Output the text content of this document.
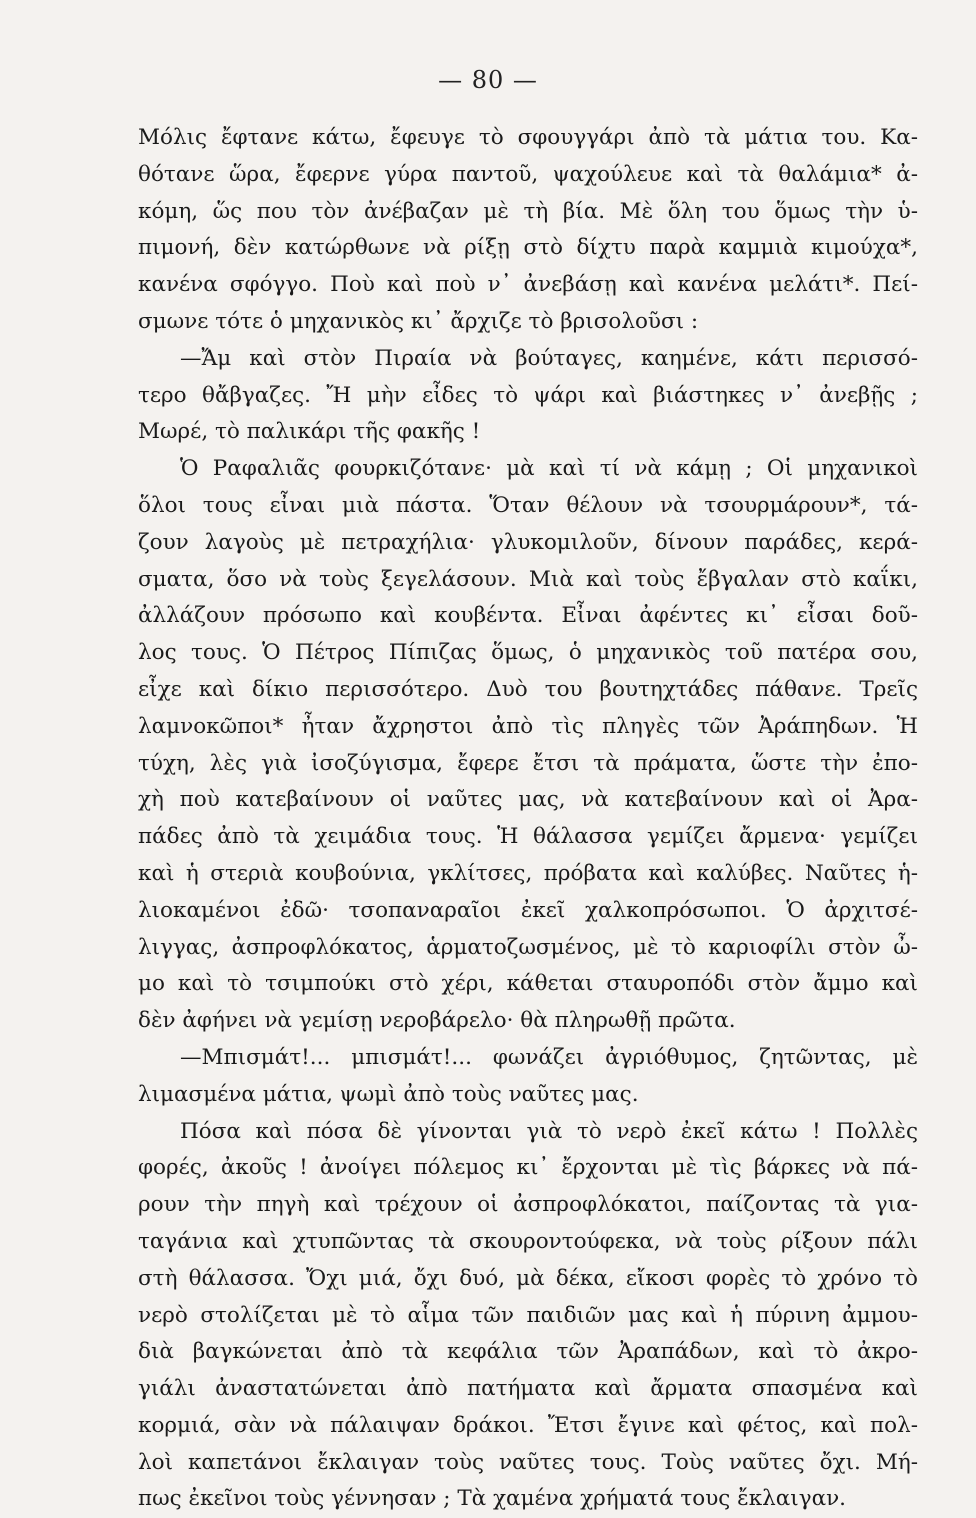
— 80 —
Μόλις ἔφτανε κάτω, ἔφευγε τὸ σφουγγάρι ἀπὸ τὰ μάτια του. Κα-
θότανε ὥρα, ἔφερνε γύρα παντοῦ, ψαχούλευε καὶ τὰ θαλάμια* ἀ-
κόμη, ὥς που τὸν ἀνέβαζαν μὲ τὴ βία. Μὲ ὅλη του ὅμως τὴν ὑ-
πιμονή, δὲν κατώρθωνε νὰ ρίξῃ στὸ δίχτυ παρὰ καμμιὰ κιμούχα*,
κανένα σφόγγο. Ποὺ καὶ ποὺ ν᾽ ἀνεβάσῃ καὶ κανένα μελάτι*. Πεί-
σμωνε τότε ὁ μηχανικὸς κι᾽ ἄρχιζε τὸ βρισολοῦσι :
—Ἄμ καὶ στὸν Πιραία νὰ βούταγες, καημένε, κάτι περισσό-
τερο θἄβγαζες. Ἤ μὴν εἶδες τὸ ψάρι καὶ βιάστηκες ν᾽ ἀνεβῇς ;
Μωρέ, τὸ παλικάρι τῆς φακῆς !
Ὁ Ραφαλιᾶς φουρκιζότανε· μὰ καὶ τί νὰ κάμῃ ; Οἱ μηχανικοὶ
ὅλοι τους εἶναι μιὰ πάστα. Ὅταν θέλουν νὰ τσουρμάρουν*, τά-
ζουν λαγοὺς μὲ πετραχήλια· γλυκομιλοῦν, δίνουν παράδες, κερά-
σματα, ὅσο νὰ τοὺς ξεγελάσουν. Μιὰ καὶ τοὺς ἔβγαλαν στὸ καΐκι,
ἀλλάζουν πρόσωπο καὶ κουβέντα. Εἶναι ἀφέντες κι᾽ εἶσαι δοῦ-
λος τους. Ὁ Πέτρος Πίπιζας ὅμως, ὁ μηχανικὸς τοῦ πατέρα σου,
εἶχε καὶ δίκιο περισσότερο. Δυὸ του βουτηχτάδες πάθανε. Τρεῖς
λαμνοκῶποι* ἦταν ἄχρηστοι ἀπὸ τὶς πληγὲς τῶν Ἀράπηδων. Ἡ
τύχη, λὲς γιὰ ἰσοζύγισμα, ἔφερε ἔτσι τὰ πράματα, ὥστε τὴν ἐπο-
χὴ ποὺ κατεβαίνουν οἱ ναῦτες μας, νὰ κατεβαίνουν καὶ οἱ Ἀρα-
πάδες ἀπὸ τὰ χειμάδια τους. Ἡ θάλασσα γεμίζει ἄρμενα· γεμίζει
καὶ ἡ στεριὰ κουβούνια, γκλίτσες, πρόβατα καὶ καλύβες. Ναῦτες ἡ-
λιοκαμένοι ἐδῶ· τσοπαναραῖοι ἐκεῖ χαλκοπρόσωποι. Ὁ ἀρχιτσέ-
λιγγας, ἀσπροφλόκατος, ἁρματοζωσμένος, μὲ τὸ καριοφίλι στὸν ὦ-
μο καὶ τὸ τσιμπούκι στὸ χέρι, κάθεται σταυροπόδι στὸν ἄμμο καὶ
δὲν ἀφήνει νὰ γεμίσῃ νεροβάρελο· θὰ πληρωθῇ πρῶτα.
—Μπισμάτ!... μπισμάτ!... φωνάζει ἀγριόθυμος, ζητῶντας, μὲ
λιμασμένα μάτια, ψωμὶ ἀπὸ τοὺς ναῦτες μας.
Πόσα καὶ πόσα δὲ γίνονται γιὰ τὸ νερὸ ἐκεῖ κάτω ! Πολλὲς
φορές, ἀκοῦς ! ἀνοίγει πόλεμος κι᾽ ἔρχονται μὲ τὶς βάρκες νὰ πά-
ρουν τὴν πηγὴ καὶ τρέχουν οἱ ἀσπροφλόκατοι, παίζοντας τὰ για-
ταγάνια καὶ χτυπῶντας τὰ σκουροντούφεκα, νὰ τοὺς ρίξουν πάλι
στὴ θάλασσα. Ὄχι μιά, ὄχι δυό, μὰ δέκα, εἴκοσι φορὲς τὸ χρόνο τὸ
νερὸ στολίζεται μὲ τὸ αἷμα τῶν παιδιῶν μας καὶ ἡ πύρινη ἀμμου-
διὰ βαγκώνεται ἀπὸ τὰ κεφάλια τῶν Ἀραπάδων, καὶ τὸ ἀκρο-
γιάλι ἀναστατώνεται ἀπὸ πατήματα καὶ ἄρματα σπασμένα καὶ
κορμιά, σὰν νὰ πάλαιψαν δράκοι. Ἔτσι ἔγινε καὶ φέτος, καὶ πολ-
λοὶ καπετάνοι ἔκλαιγαν τοὺς ναῦτες τους. Τοὺς ναῦτες ὄχι. Μή-
πως ἐκεῖνοι τοὺς γέννησαν ; Τὰ χαμένα χρήματά τους ἔκλαιγαν.
